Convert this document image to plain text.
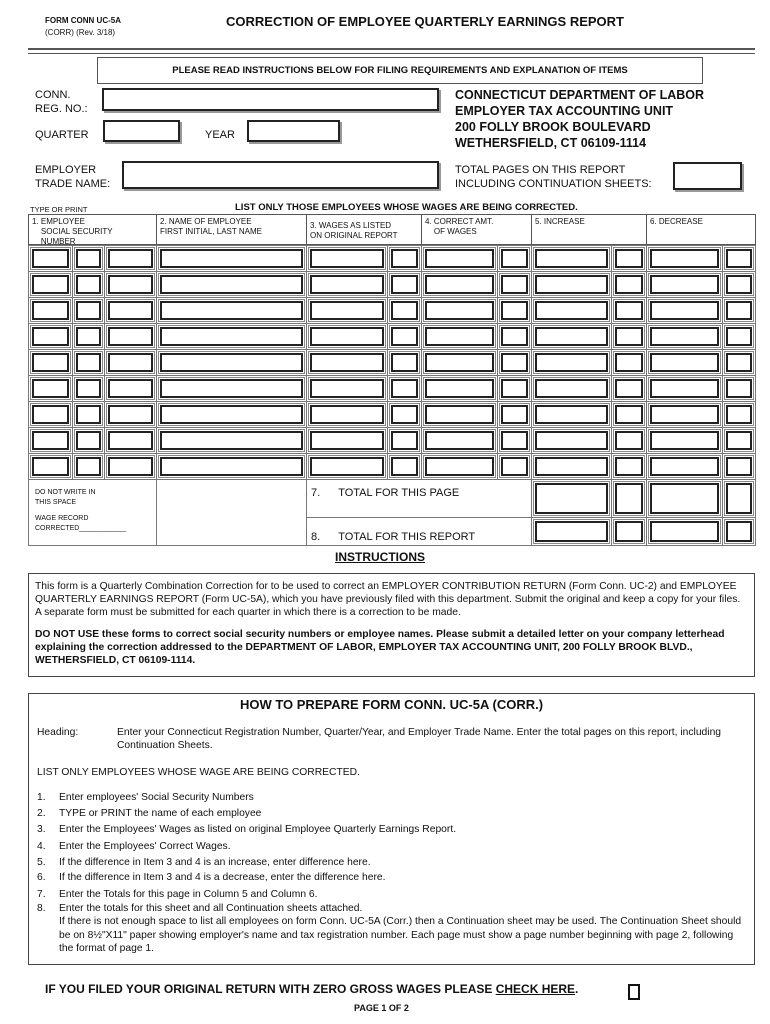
FORM CONN UC-5A
(CORR) (Rev. 3/18)
CORRECTION OF EMPLOYEE QUARTERLY EARNINGS REPORT
PLEASE READ INSTRUCTIONS BELOW FOR FILING REQUIREMENTS AND EXPLANATION OF ITEMS
CONN.
REG. NO.:
QUARTER	YEAR
CONNECTICUT DEPARTMENT OF LABOR
EMPLOYER TAX ACCOUNTING UNIT
200 FOLLY BROOK BOULEVARD
WETHERSFIELD, CT 06109-1114
EMPLOYER
TRADE NAME:
TOTAL PAGES ON THIS REPORT
INCLUDING CONTINUATION SHEETS:
TYPE OR PRINT	LIST ONLY THOSE EMPLOYEES WHOSE WAGES ARE BEING CORRECTED.
1. EMPLOYEE
SOCIAL SECURITY
NUMBER
2. NAME OF EMPLOYEE
FIRST INITIAL, LAST NAME
3. WAGES AS LISTED
ON ORIGINAL REPORT
4. CORRECT AMT.
OF WAGES
5. INCREASE	6. DECREASE
DO NOT WRITE IN THIS SPACE
WAGE RECORD CORRECTED____________
7. TOTAL FOR THIS PAGE
8. TOTAL FOR THIS REPORT
INSTRUCTIONS
This form is a Quarterly Combination Correction for to be used to correct an EMPLOYER CONTRIBUTION RETURN (Form Conn. UC-2) and EMPLOYEE QUARTERLY EARNINGS REPORT (Form UC-5A), which you have previously filed with this department. Submit the original and keep a copy for your files. A separate form must be submitted for each quarter in which there is a correction to be made.
DO NOT USE these forms to correct social security numbers or employee names. Please submit a detailed letter on your company letterhead explaining the correction addressed to the DEPARTMENT OF LABOR, EMPLOYER TAX ACCOUNTING UNIT, 200 FOLLY BROOK BLVD., WETHERSFIELD, CT 06109-1114.
HOW TO PREPARE FORM CONN. UC-5A (CORR.)
Heading:	Enter your Connecticut Registration Number, Quarter/Year, and Employer Trade Name. Enter the total pages on this report, including Continuation Sheets.
LIST ONLY EMPLOYEES WHOSE WAGE ARE BEING CORRECTED.
1. Enter employees' Social Security Numbers
2. TYPE or PRINT the name of each employee
3. Enter the Employees' Wages as listed on original Employee Quarterly Earnings Report.
4. Enter the Employees' Correct Wages.
5. If the difference in Item 3 and 4 is an increase, enter difference here.
6. If the difference in Item 3 and 4 is a decrease, enter the difference here.
7. Enter the Totals for this page in Column 5 and Column 6.
8. Enter the totals for this sheet and all Continuation sheets attached.
If there is not enough space to list all employees on form Conn. UC-5A (Corr.) then a Continuation sheet may be used. The Continuation Sheet should be on 8½"X11" paper showing employer's name and tax registration number. Each page must show a page number beginning with page 2, following the format of page 1.
IF YOU FILED YOUR ORIGINAL RETURN WITH ZERO GROSS WAGES PLEASE CHECK HERE.
PAGE 1 OF 2
